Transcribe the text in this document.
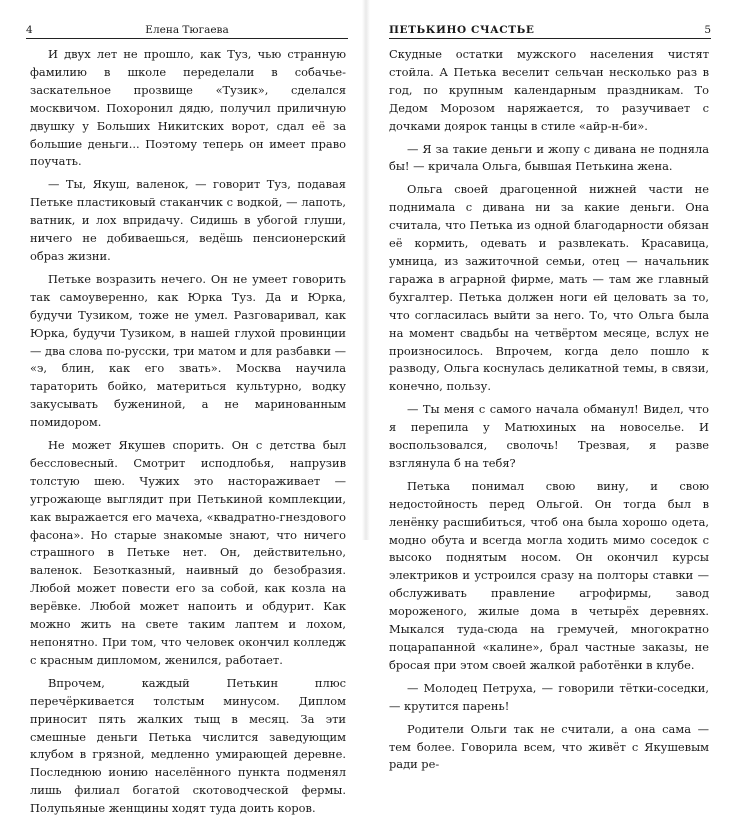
4	Елена Тюгаева

И двух лет не прошло, как Туз, чью странную фамилию в школе переделали в собачье-заскательное прозвище «Тузик», сделался москвичом. Похоронил дядю, получил приличную двушку у Больших Никитских ворот, сдал её за большие деньги... Поэтому теперь он имеет право поучать.

— Ты, Якуш, валенок, — говорит Туз, подавая Петьке пластиковый стаканчик с водкой, — лапоть, ватник, и лох впридачу. Сидишь в убогой глуши, ничего не добиваешься, ведёшь пенсионерский образ жизни.

Петьке возразить нечего. Он не умеет говорить так самоуверенно, как Юрка Туз. Да и Юрка, будучи Тузиком, тоже не умел. Разговаривал, как Юрка, будучи Тузиком, в нашей глухой провинции — два слова по-русски, три матом и для разбавки — «э, блин, как его звать». Москва научила тараторить бойко, материться культурно, водку закусывать бужениной, а не маринованным помидором.

Не может Якушев спорить. Он с детства был бессловесный. Смотрит исподлобья, напрузив толстую шею. Чужих это настораживает — угрожающе выглядит при Петькиной комплекции, как выражается его мачеха, «квадратно-гнездового фасона». Но старые знакомые знают, что ничего страшного в Петьке нет. Он, действительно, валенок. Безотказный, наивный до безобразия. Любой может повести его за собой, как козла на верёвке. Любой может напоить и обдурит. Как можно жить на свете таким лаптем и лохом, непонятно. При том, что человек окончил колледж с красным дипломом, женился, работает.

Впрочем, каждый Петькин плюс перечёркивается толстым минусом. Диплом приносит пять жалких тыщ в месяц. За эти смешные деньги Петька числится заведующим клубом в грязной, медленно умирающей деревне. Последнюю ионию населённого пункта подменял лишь филиал богатой скотоводческой фермы. Полупьяные женщины ходят туда доить коров.

ПЕТЬКИНО СЧАСТЬЕ	5

Скудные остатки мужского населения чистят стойла. А Петька веселит сельчан несколько раз в год, по крупным календарным праздникам. То Дедом Морозом наряжается, то разучивает с дочками доярок танцы в стиле «айр-н-би».

— Я за такие деньги и жопу с дивана не подняла бы! — кричала Ольга, бывшая Петькина жена.

Ольга своей драгоценной нижней части не поднимала с дивана ни за какие деньги. Она считала, что Петька из одной благодарности обязан её кормить, одевать и развлекать. Красавица, умница, из зажиточной семьи, отец — начальник гаража в аграрной фирме, мать — там же главный бухгалтер. Петька должен ноги ей целовать за то, что согласилась выйти за него. То, что Ольга была на момент свадьбы на четвёртом месяце, вслух не произносилось. Впрочем, когда дело пошло к разводу, Ольга коснулась деликатной темы, в связи, конечно, пользу.

— Ты меня с самого начала обманул! Видел, что я перепила у Матюхиных на новоселье. И воспользовался, сволочь! Трезвая, я разве взглянула б на тебя?

Петька понимал свою вину, и свою недостойность перед Ольгой. Он тогда был в ленёнку расшибиться, чтоб она была хорошо одета, модно обута и всегда могла ходить мимо соседок с высоко поднятым носом. Он окончил курсы электриков и устроился сразу на полторы ставки — обслуживать правление агрофирмы, завод мороженого, жилые дома в четырёх деревнях. Мыкался туда-сюда на гремучей, многократно поцарапанной «калине», брал частные заказы, не бросая при этом своей жалкой работёнки в клубе.

— Молодец Петруха, — говорили тётки-соседки, — крутится парень!

Родители Ольги так не считали, а она сама — тем более. Говорила всем, что живёт с Якушевым ради ре-
